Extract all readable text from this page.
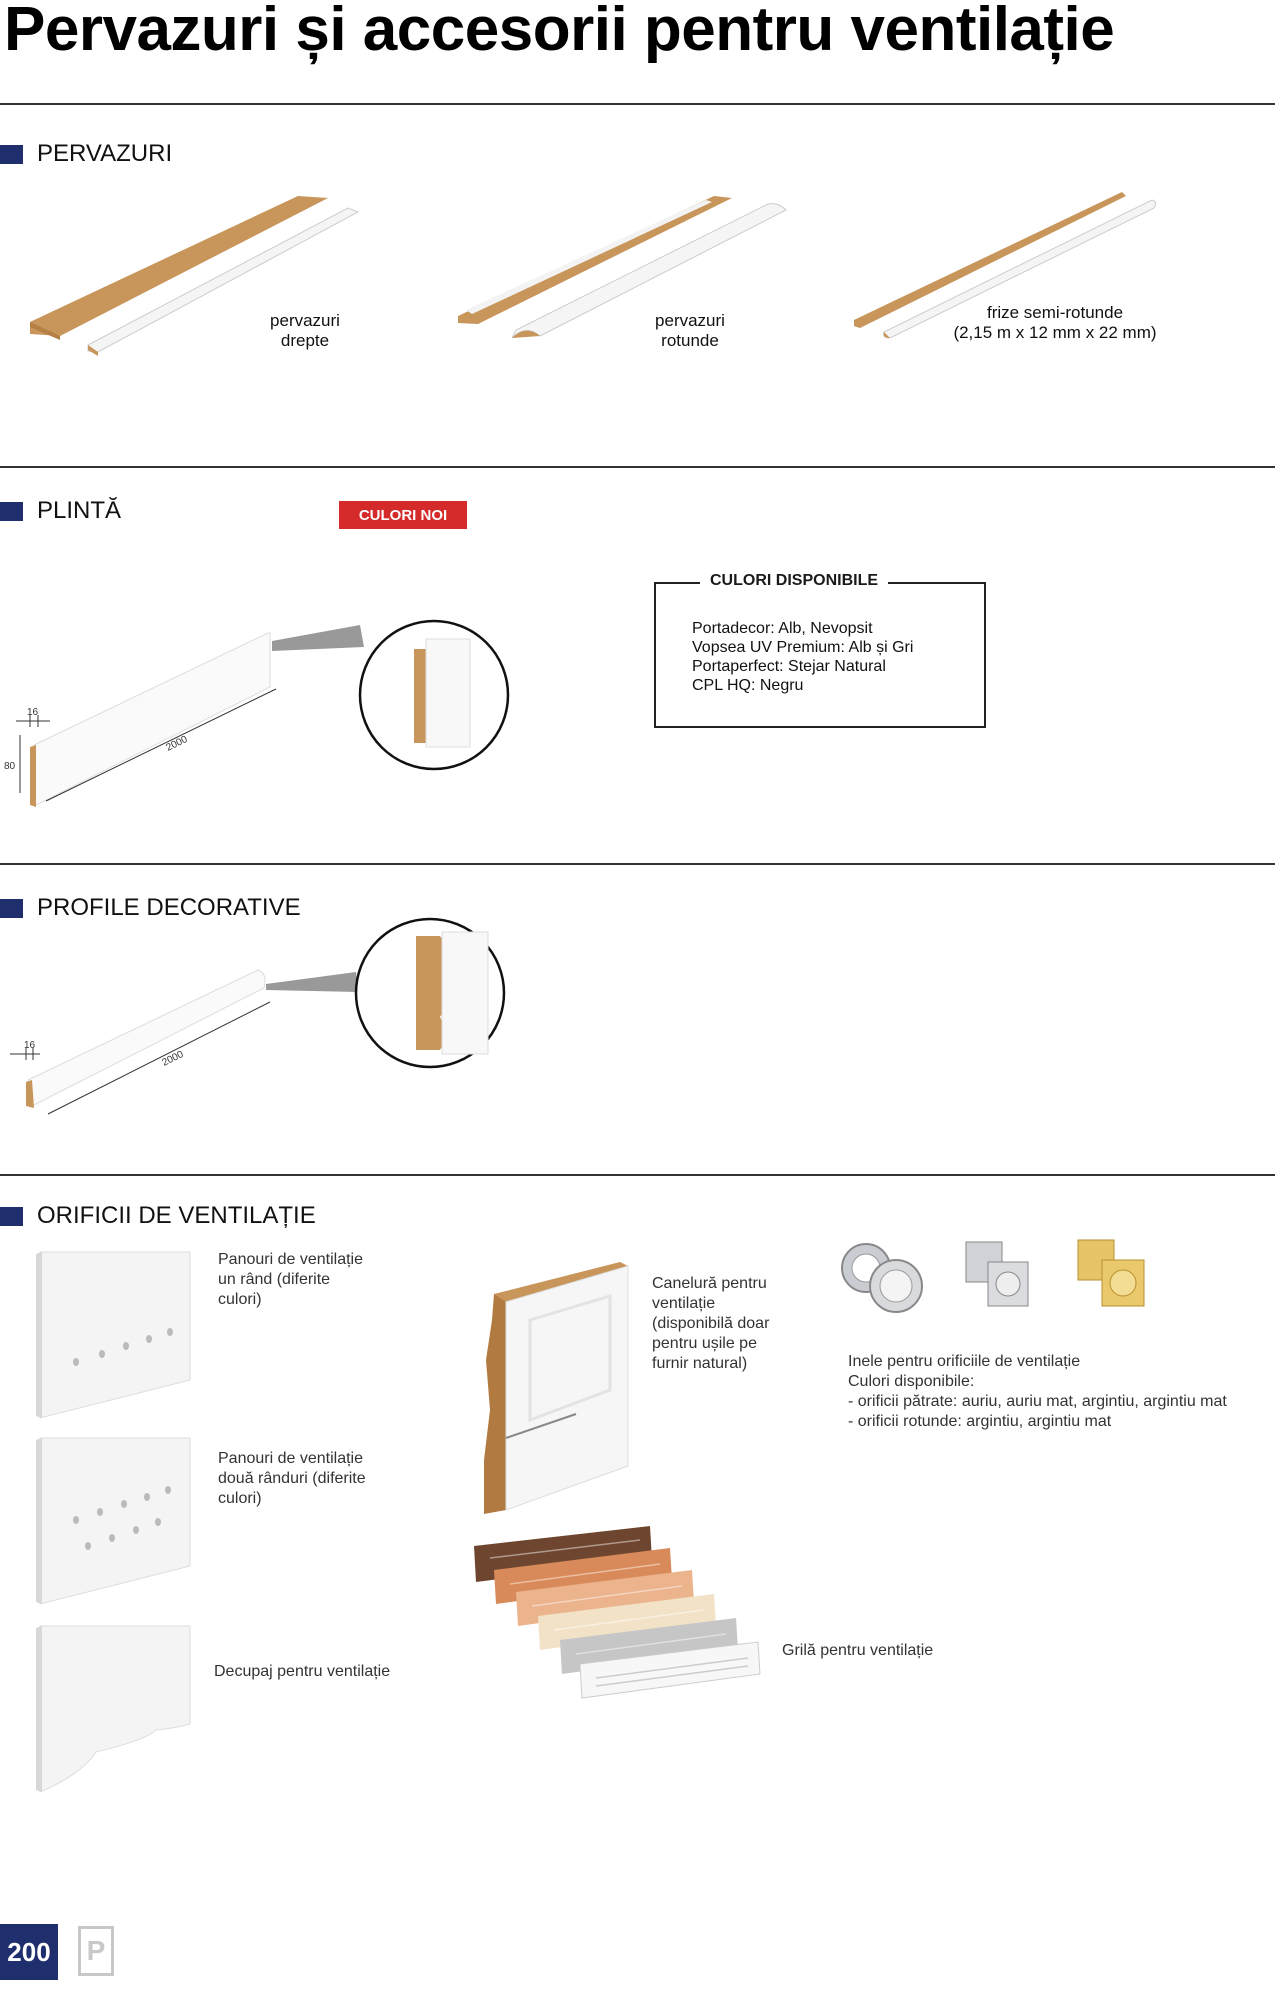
Pervazuri și accesorii pentru ventilație
PERVAZURI
pervazuri
drepte
pervazuri
rotunde
frize semi-rotunde
(2,15 m x 12 mm x 22 mm)
PLINTĂ	CULORI NOI
16
80
2000
CULORI DISPONIBILE
Portadecor: Alb, Nevopsit
Vopsea UV Premium: Alb și Gri
Portaperfect: Stejar Natural
CPL HQ: Negru
PROFILE DECORATIVE
16
2000
ORIFICII DE VENTILAȚIE
Panouri de ventilație
un rând (diferite
culori)
Panouri de ventilație
două rânduri (diferite
culori)
Decupaj pentru ventilație
Canelură pentru
ventilație
(disponibilă doar
pentru ușile pe
furnir natural)	Inele pentru orificiile de ventilație
Culori disponibile:
- orificii pătrate: auriu, auriu mat, argintiu, argintiu mat
- orificii rotunde: argintiu, argintiu mat
Grilă pentru ventilație
200	P
